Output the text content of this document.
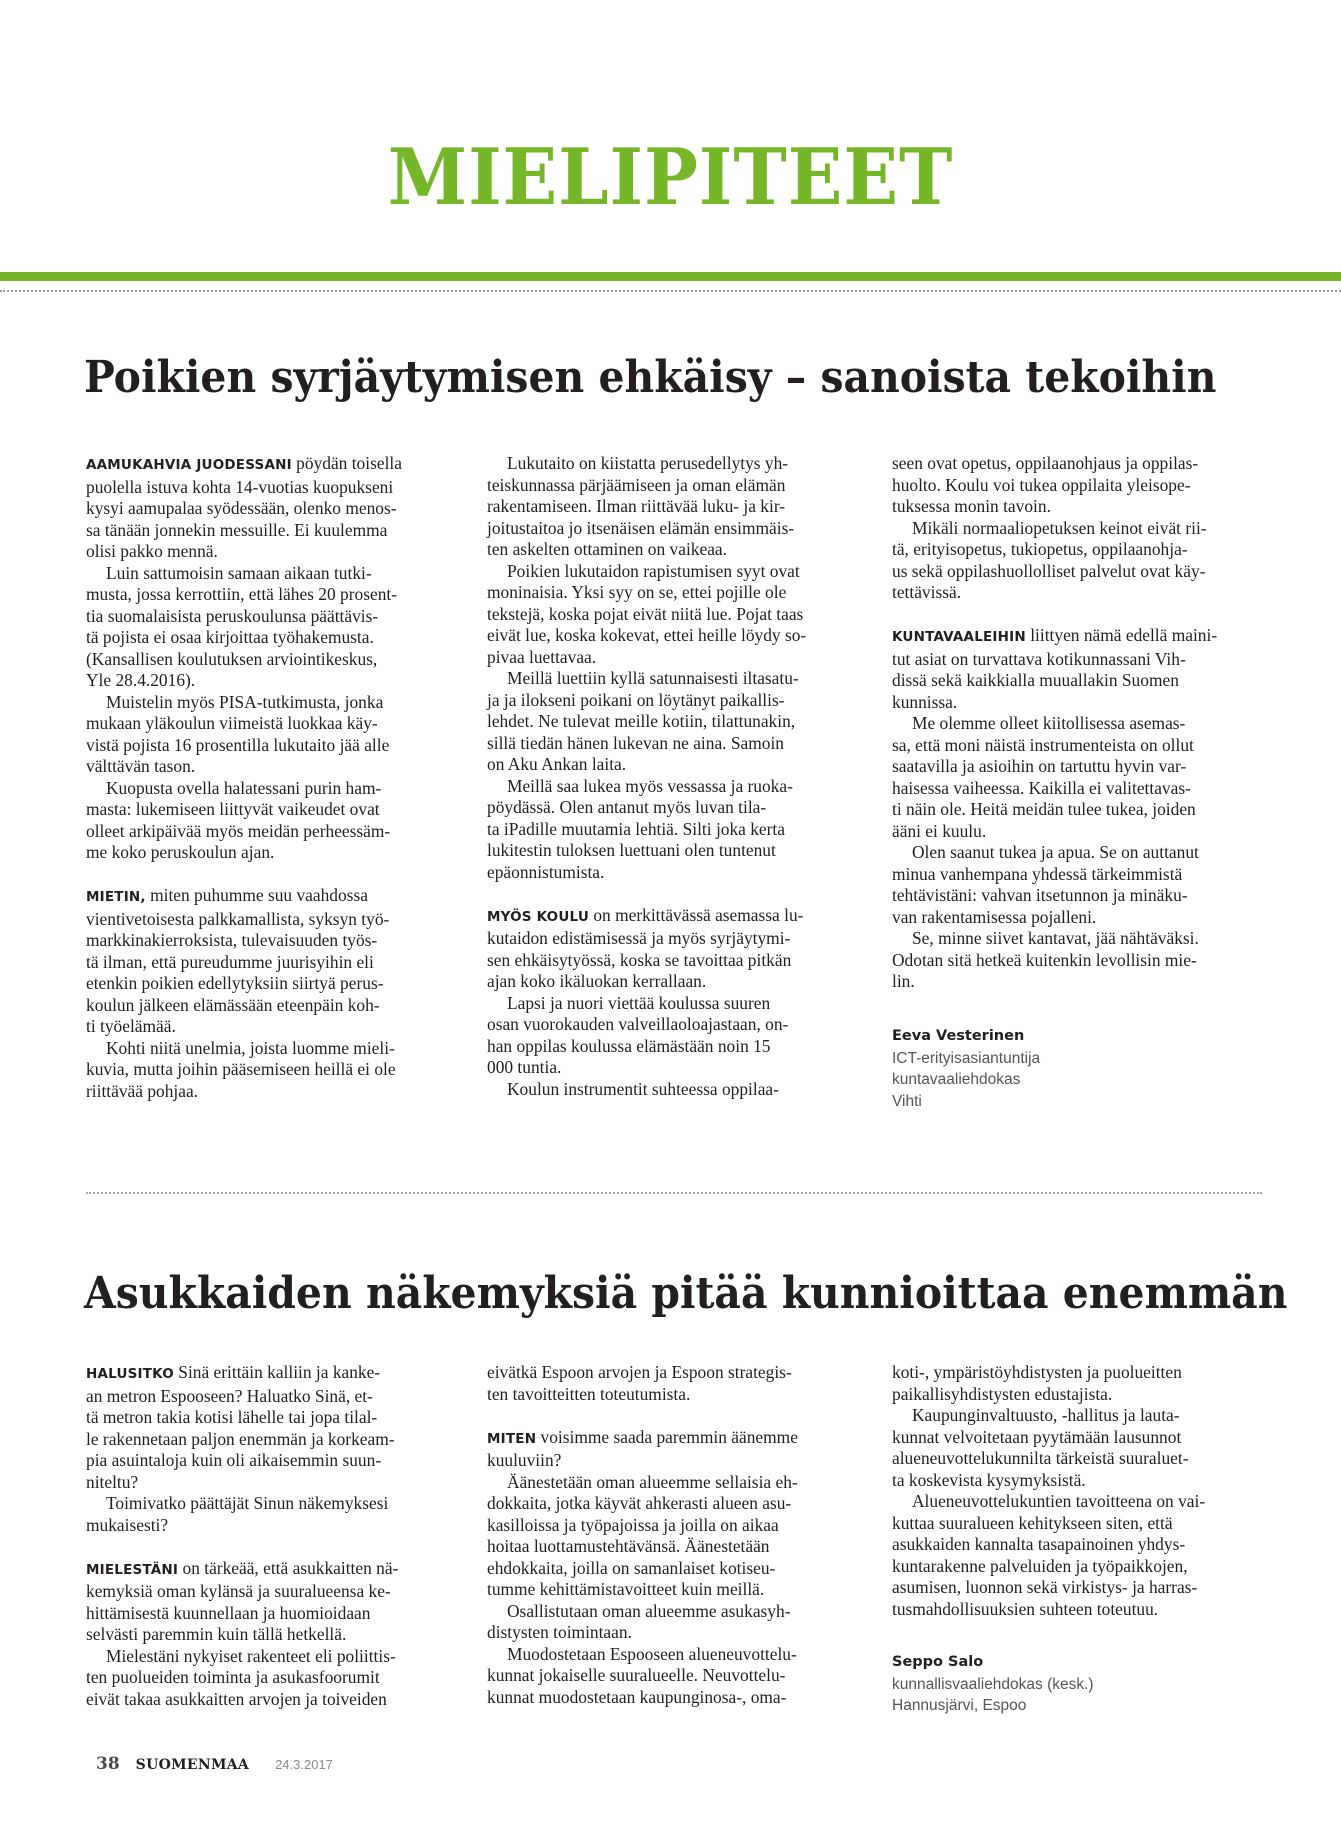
MIELIPITEET
Poikien syrjäytymisen ehkäisy – sanoista tekoihin

AAMUKAHVIA JUODESSANI pöydän toisella
puolella istuva kohta 14-vuotias kuopukseni
kysyi aamupalaa syödessään, olenko menos-
sa tänään jonnekin messuille. Ei kuulemma
olisi pakko mennä.

Luin sattumoisin samaan aikaan tutki-
musta, jossa kerrottiin, että lähes 20 prosent-
tia suomalaisista peruskoulunsa päättävis-
tä pojista ei osaa kirjoittaa työhakemusta.
(Kansallisen koulutuksen arviointikeskus,
Yle 28.4.2016).

Muistelin myös PISA-tutkimusta, jonka
mukaan yläkoulun viimeistä luokkaa käy-
vistä pojista 16 prosentilla lukutaito jää alle
välttävän tason.

Kuopusta ovella halatessani purin ham-
masta: lukemiseen liittyvät vaikeudet ovat
olleet arkipäivää myös meidän perheessäm-
me koko peruskoulun ajan.

MIETIN, miten puhumme suu vaahdossa
vientivetoisesta palkkamallista, syksyn työ-
markkinakierroksista, tulevaisuuden työs-
tä ilman, että pureudumme juurisyihin eli
etenkin poikien edellytyksiin siirtyä perus-
koulun jälkeen elämässään eteenpäin koh-
ti työelämää.

Kohti niitä unelmia, joista luomme mieli-
kuvia, mutta joihin pääsemiseen heillä ei ole
riittävää pohjaa.

Lukutaito on kiistatta perusedellytys yh-
teiskunnassa pärjäämiseen ja oman elämän
rakentamiseen. Ilman riittävää luku- ja kir-
joitustaitoa jo itsenäisen elämän ensimmäis-
ten askelten ottaminen on vaikeaa.

Poikien lukutaidon rapistumisen syyt ovat
moninaisia. Yksi syy on se, ettei pojille ole
tekstejä, koska pojat eivät niitä lue. Pojat taas
eivät lue, koska kokevat, ettei heille löydy so-
pivaa luettavaa.

Meillä luettiin kyllä satunnaisesti iltasatu-
ja ja ilokseni poikani on löytänyt paikallis-
lehdet. Ne tulevat meille kotiin, tilattunakin,
sillä tiedän hänen lukevan ne aina. Samoin
on Aku Ankan laita.

Meillä saa lukea myös vessassa ja ruoka-
pöydässä. Olen antanut myös luvan tila-
ta iPadille muutamia lehtiä. Silti joka kerta
lukitestin tuloksen luettuani olen tuntenut
epäonnistumista.

MYÖS KOULU on merkittävässä asemassa lu-
kutaidon edistämisessä ja myös syrjäytymi-
sen ehkäisytyössä, koska se tavoittaa pitkän
ajan koko ikäluokan kerrallaan.

Lapsi ja nuori viettää koulussa suuren
osan vuorokauden valveillaoloajastaan, on-
han oppilas koulussa elämästään noin 15
000 tuntia.

Koulun instrumentit suhteessa oppilaa-

seen ovat opetus, oppilaanohjaus ja oppilas-
huolto. Koulu voi tukea oppilaita yleisope-
tuksessa monin tavoin.

Mikäli normaaliopetuksen keinot eivät rii-
tä, erityisopetus, tukiopetus, oppilaanohja-
us sekä oppilashuollolliset palvelut ovat käy-
tettävissä.

KUNTAVAALEIHIN liittyen nämä edellä maini-
tut asiat on turvattava kotikunnassani Vih-
dissä sekä kaikkialla muuallakin Suomen
kunnissa.

Me olemme olleet kiitollisessa asemas-
sa, että moni näistä instrumenteista on ollut
saatavilla ja asioihin on tartuttu hyvin var-
haisessa vaiheessa. Kaikilla ei valitettavas-
ti näin ole. Heitä meidän tulee tukea, joiden
ääni ei kuulu.

Olen saanut tukea ja apua. Se on auttanut
minua vanhempana yhdessä tärkeimmistä
tehtävistäni: vahvan itsetunnon ja minäku-
van rakentamisessa pojalleni.

Se, minne siivet kantavat, jää nähtäväksi.
Odotan sitä hetkeä kuitenkin levollisin mie-
lin.

Eeva Vesterinen
ICT-erityisasiantuntija
kuntavaaliehdokas
Vihti
Asukkaiden näkemyksiä pitää kunnioittaa enemmän

HALUSITKO Sinä erittäin kalliin ja kanke-
an metron Espooseen? Haluatko Sinä, et-
tä metron takia kotisi lähelle tai jopa tilal-
le rakennetaan paljon enemmän ja korkeam-
pia asuintaloja kuin oli aikaisemmin suun-
niteltu?

Toimivatko päättäjät Sinun näkemyksesi
mukaisesti?

MIELESTÄNI on tärkeää, että asukkaitten nä-
kemyksiä oman kylänsä ja suuralueensa ke-
hittämisestä kuunnellaan ja huomioidaan
selvästi paremmin kuin tällä hetkellä.

Mielestäni nykyiset rakenteet eli poliittis-
ten puolueiden toiminta ja asukasfoorumit
eivät takaa asukkaitten arvojen ja toiveiden

eivätkä Espoon arvojen ja Espoon strategis-
ten tavoitteitten toteutumista.

MITEN voisimme saada paremmin äänemme
kuuluviin?

Äänestetään oman alueemme sellaisia eh-
dokkaita, jotka käyvät ahkerasti alueen asu-
kasilloissa ja työpajoissa ja joilla on aikaa
hoitaa luottamustehtävänsä. Äänestetään
ehdokkaita, joilla on samanlaiset kotiseu-
tumme kehittämistavoitteet kuin meillä.

Osallistutaan oman alueemme asukasyh-
distysten toimintaan.

Muodostetaan Espooseen alueneuvottelu-
kunnat jokaiselle suuralueelle. Neuvottelu-
kunnat muodostetaan kaupunginosa-, oma-

koti-, ympäristöyhdistysten ja puolueitten
paikallisyhdistysten edustajista.

Kaupunginvaltuusto, -hallitus ja lauta-
kunnat velvoitetaan pyytämään lausunnot
alueneuvottelukunnilta tärkeistä suuraluet-
ta koskevista kysymyksistä.

Alueneuvottelukuntien tavoitteena on vai-
kuttaa suuralueen kehitykseen siten, että
asukkaiden kannalta tasapainoinen yhdys-
kuntarakenne palveluiden ja työpaikkojen,
asumisen, luonnon sekä virkistys- ja harras-
tusmahdollisuuksien suhteen toteutuu.

Seppo Salo
kunnallisvaaliehdokas (kesk.)
Hannusjärvi, Espoo
38 SUOMENMAA 24.3.2017
